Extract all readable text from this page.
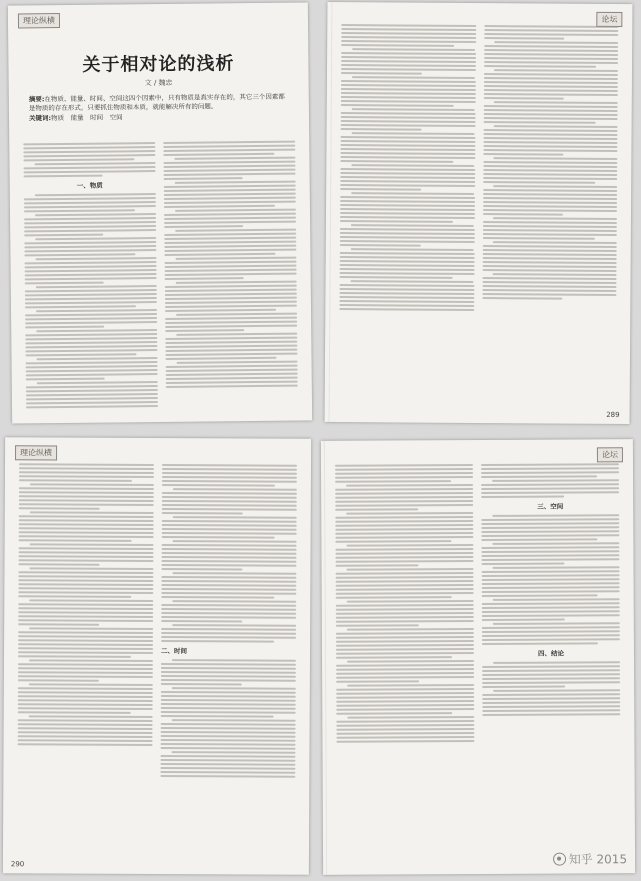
理论纵横
关于相对论的浅析
文 / 魏忠
摘要:在物质、能量、时间、空间这四个因素中，只有物质是真实存在的，其它三个因素都是物质的存在形式。只要抓住物质和本质，就能解决所有的问题。
关键词:物质　能量　时间　空间
一、物质
论坛
289
理论纵横
二、时间
290
论坛
三、空间
四、结论
知乎 2015
